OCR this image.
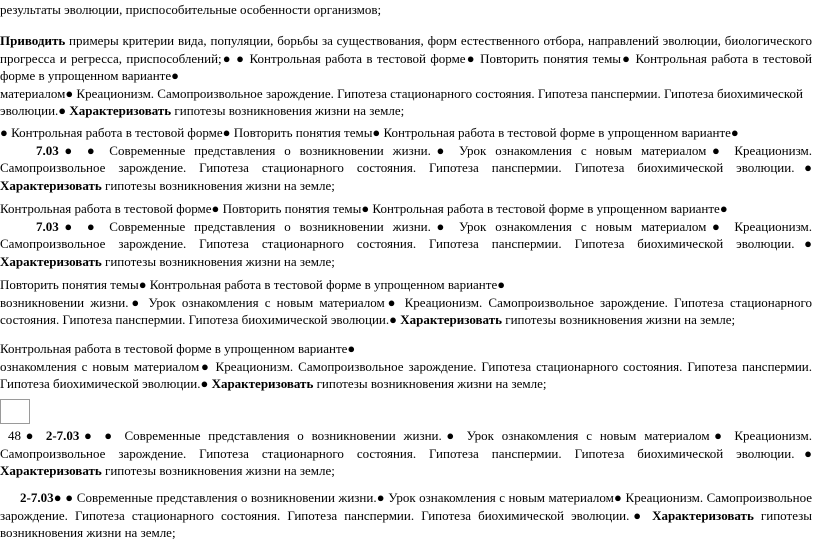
результаты эволюции, приспособительные особенности организмов;

Приводить примеры критерии вида, популяции, борьбы за существования, форм естественного отбора, направлений эволюции, биологического прогресса и регресса, приспособлений;● ● Контрольная работа в тестовой форме● Повторить понятия темы● Контрольная работа в тестовой форме в упрощенном варианте●
материалом● Креационизм. Самопроизвольное зарождение. Гипотеза стационарного состояния. Гипотеза панспермии. Гипотеза биохимической
эволюции.● Характеризовать гипотезы возникновения жизни на земле;
● Контрольная работа в тестовой форме● Повторить понятия темы● Контрольная работа в тестовой форме в упрощенном варианте●
7.03● ● Современные представления о возникновении жизни.● Урок ознакомления с новым материалом● Креационизм. Самопроизвольное зарождение. Гипотеза стационарного состояния. Гипотеза панспермии. Гипотеза биохимической эволюции.● Характеризовать гипотезы возникновения жизни на земле;
Контрольная работа в тестовой форме● Повторить понятия темы● Контрольная работа в тестовой форме в упрощенном варианте●
7.03● ● Современные представления о возникновении жизни.● Урок ознакомления с новым материалом● Креационизм. Самопроизвольное зарождение. Гипотеза стационарного состояния. Гипотеза панспермии. Гипотеза биохимической эволюции.● Характеризовать гипотезы возникновения жизни на земле;
Повторить понятия темы● Контрольная работа в тестовой форме в упрощенном варианте●
возникновении жизни.● Урок ознакомления с новым материалом● Креационизм. Самопроизвольное зарождение. Гипотеза стационарного состояния. Гипотеза панспермии. Гипотеза биохимической эволюции.● Характеризовать гипотезы возникновения жизни на земле;
Контрольная работа в тестовой форме в упрощенном варианте●
ознакомления с новым материалом● Креационизм. Самопроизвольное зарождение. Гипотеза стационарного состояния. Гипотеза панспермии. Гипотеза биохимической эволюции.● Характеризовать гипотезы возникновения жизни на земле;
48● 2-7.03● ● Современные представления о возникновении жизни.● Урок ознакомления с новым материалом● Креационизм. Самопроизвольное зарождение. Гипотеза стационарного состояния. Гипотеза панспермии. Гипотеза биохимической эволюции.● Характеризовать гипотезы возникновения жизни на земле;
2-7.03● ● Современные представления о возникновении жизни.● Урок ознакомления с новым материалом● Креационизм. Самопроизвольное зарождение. Гипотеза стационарного состояния. Гипотеза панспермии. Гипотеза биохимической эволюции.● Характеризовать гипотезы возникновения жизни на земле;
